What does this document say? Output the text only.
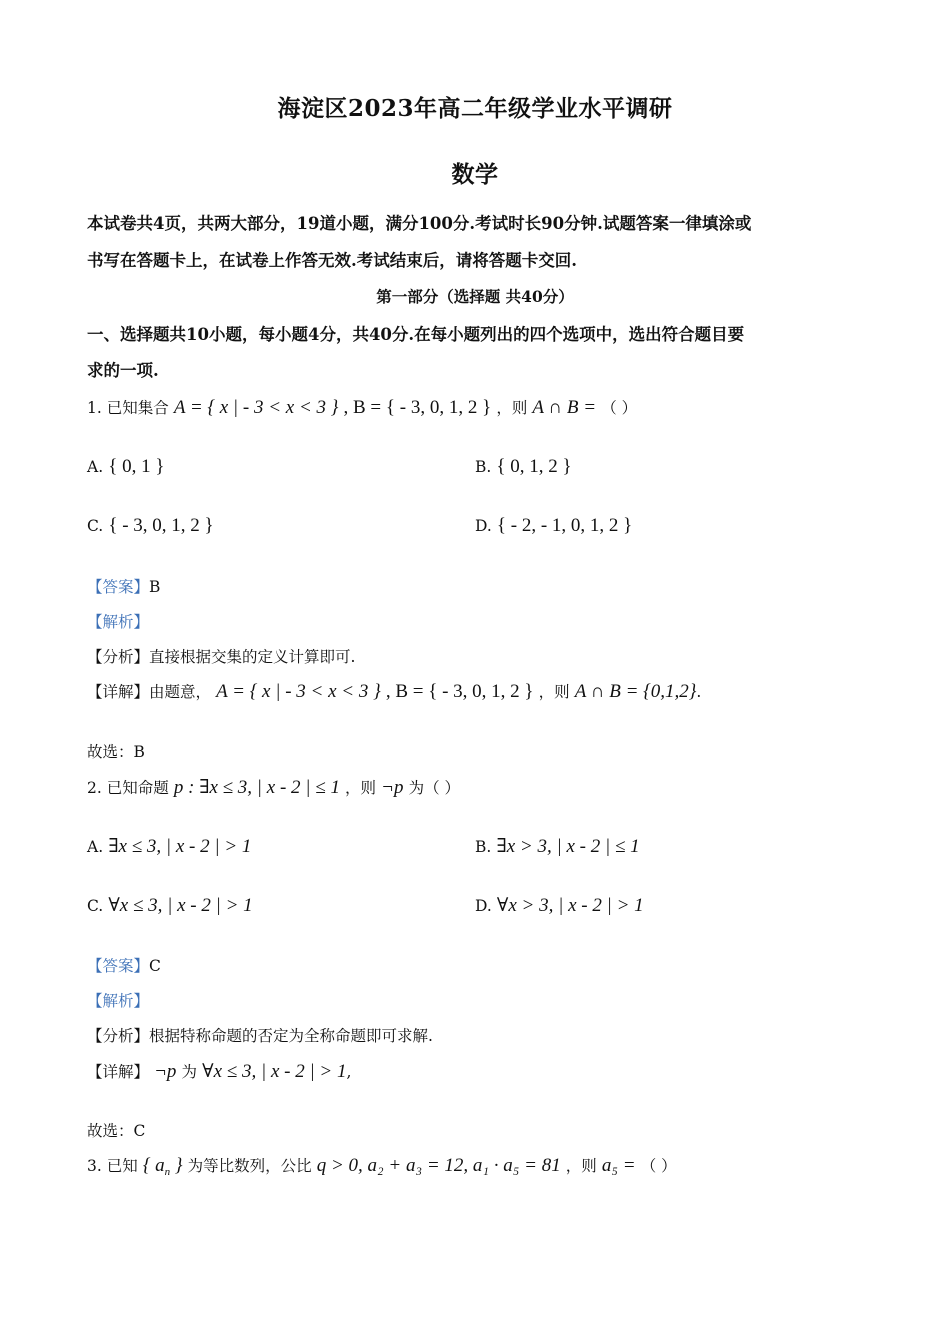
海淀区2023年高二年级学业水平调研
数学
本试卷共4页，共两大部分，19道小题，满分100分.考试时长90分钟.试题答案一律填涂或
书写在答题卡上，在试卷上作答无效.考试结束后，请将答题卡交回.
第一部分（选择题 共40分）
一、选择题共10小题，每小题4分，共40分.在每小题列出的四个选项中，选出符合题目要
求的一项.
1. 已知集合 A = { x | - 3 < x < 3 } , B = { - 3, 0, 1, 2 } ，则 A ∩ B = （ ）
A. { 0, 1 }	B. { 0, 1, 2 }
C. { - 3, 0, 1, 2 }	D. { - 2, - 1, 0, 1, 2 }
【答案】B
【解析】
【分析】直接根据交集的定义计算即可.
【详解】由题意， A = { x | - 3 < x < 3 } , B = { - 3, 0, 1, 2 } ，则 A ∩ B = {0,1,2}.
故选：B
2. 已知命题 p : ∃x ≤ 3, | x - 2 | ≤ 1 ，则 ¬p 为（ ）
A. ∃x ≤ 3, | x - 2 | > 1	B. ∃x > 3, | x - 2 | ≤ 1
C. ∀x ≤ 3, | x - 2 | > 1	D. ∀x > 3, | x - 2 | > 1
【答案】C
【解析】
【分析】根据特称命题的否定为全称命题即可求解.
【详解】 ¬p 为 ∀x ≤ 3, | x - 2 | > 1,
故选：C
3. 已知 { $a_n$ } 为等比数列，公比 q > 0, a₂ + a₃ = 12, a₁ · a₅ = 81 ，则 a₅ = （ ）
